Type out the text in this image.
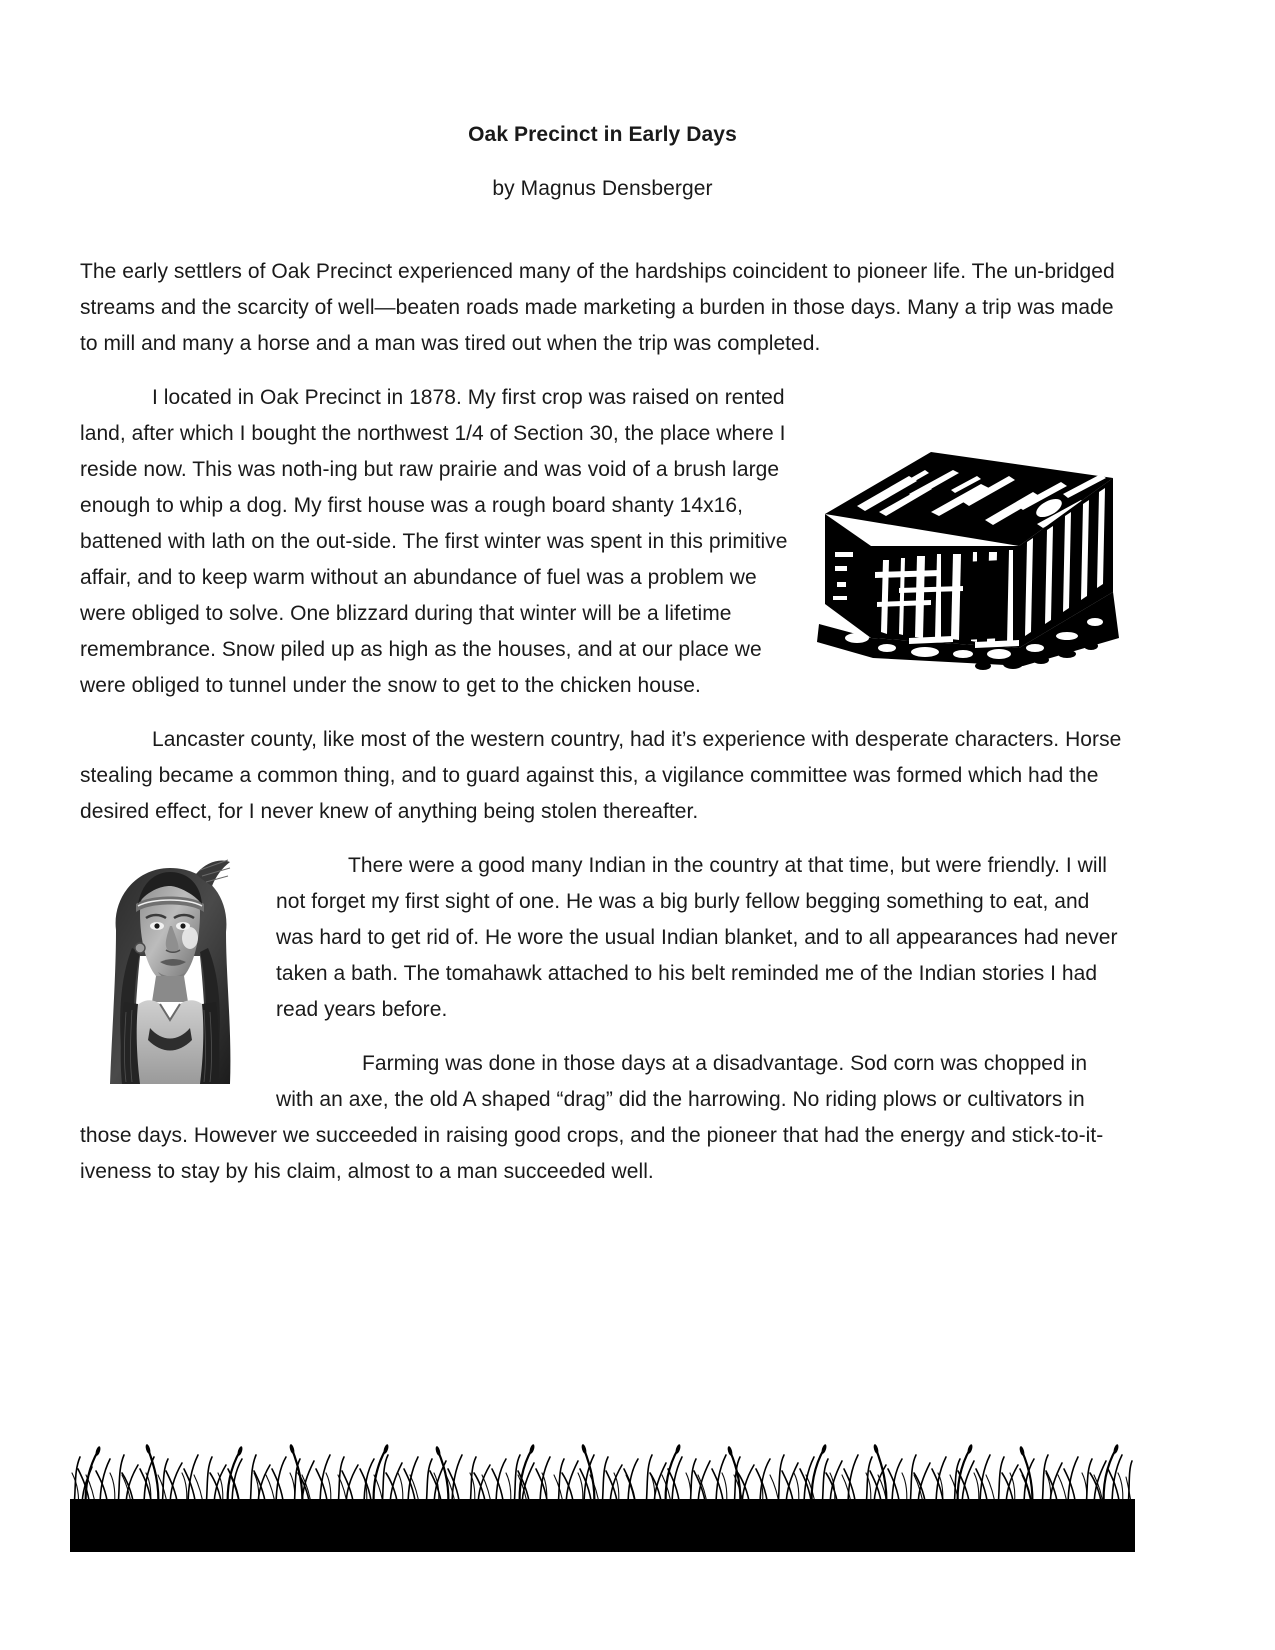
Oak Precinct in Early Days
by Magnus Densberger

The early settlers of Oak Precinct experienced many of the hardships coincident to pioneer life. The un-bridged streams and the scarcity of well—beaten roads made marketing a burden in those days. Many a trip was made to mill and many a horse and a man was tired out when the trip was completed.

I located in Oak Precinct in 1878. My first crop was raised on rented land, after which I bought the northwest 1/4 of Section 30, the place where I reside now. This was noth-ing but raw prairie and was void of a brush large enough to whip a dog. My first house was a rough board shanty 14x16, battened with lath on the out-side. The first winter was spent in this primitive affair, and to keep warm without an abundance of fuel was a problem we were obliged to solve. One blizzard during that winter will be a lifetime remembrance. Snow piled up as high as the houses, and at our place we were obliged to tunnel under the snow to get to the chicken house.

Lancaster county, like most of the western country, had it’s experience with desperate characters. Horse stealing became a common thing, and to guard against this, a vigilance committee was formed which had the desired effect, for I never knew of anything being stolen thereafter.

There were a good many Indian in the country at that time, but were friendly. I will not forget my first sight of one. He was a big burly fellow begging something to eat, and was hard to get rid of. He wore the usual Indian blanket, and to all appearances had never taken a bath. The tomahawk attached to his belt reminded me of the Indian stories I had read years before.

Farming was done in those days at a disadvantage. Sod corn was chopped in with an axe, the old A shaped “drag” did the harrowing. No riding plows or cultivators in those days. However we succeeded in raising good crops, and the pioneer that had the energy and stick-to-it-iveness to stay by his claim, almost to a man succeeded well.
